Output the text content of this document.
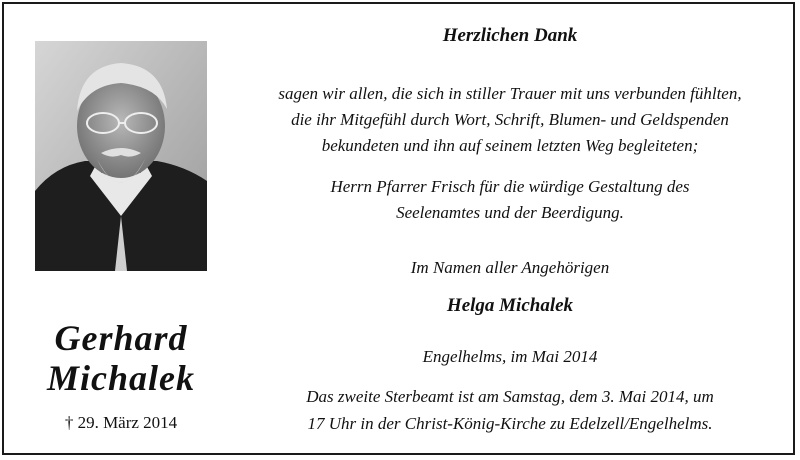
Gerhard
Michalek
† 29. März 2014
Herzlichen Dank
sagen wir allen, die sich in stiller Trauer mit uns verbunden fühlten,
die ihr Mitgefühl durch Wort, Schrift, Blumen- und Geldspenden
bekundeten und ihn auf seinem letzten Weg begleiteten;
Herrn Pfarrer Frisch für die würdige Gestaltung des
Seelenamtes und der Beerdigung.
Im Namen aller Angehörigen
Helga Michalek
Engelhelms, im Mai 2014
Das zweite Sterbeamt ist am Samstag, dem 3. Mai 2014, um
17 Uhr in der Christ-König-Kirche zu Edelzell/Engelhelms.
